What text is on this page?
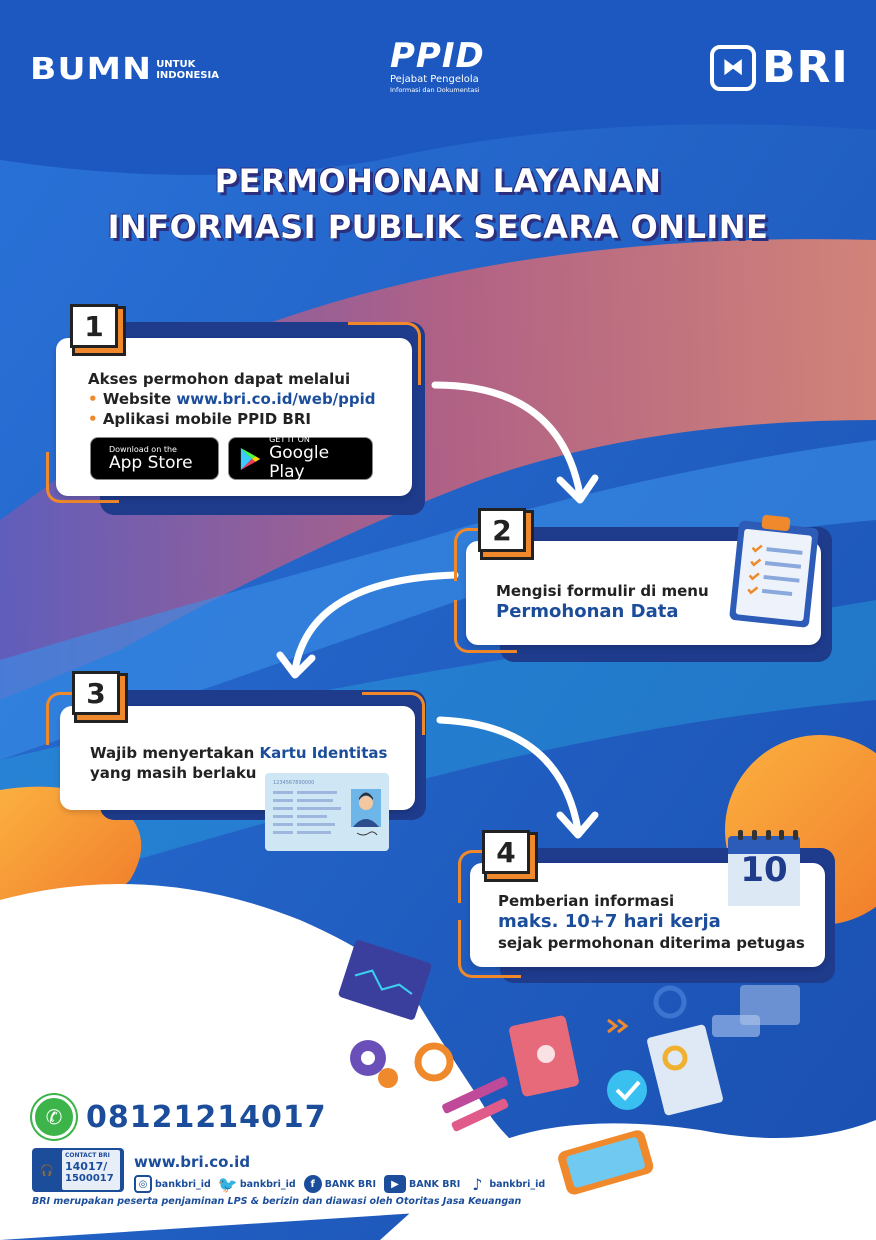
BUMN UNTUK
INDONESIA	PPID
Pejabat Pengelola
Informasi dan Dokumentasi
⧓ BRI
PERMOHONAN LAYANAN
INFORMASI PUBLIK SECARA ONLINE
Akses permohon dapat melalui
• Website www.bri.co.id/web/ppid
• Aplikasi mobile PPID BRI
Download on the
App Store
GET IT ON
Google Play
1
Mengisi formulir di menu
Permohonan Data
2
Wajib menyertakan Kartu Identitas
yang masih berlaku
1234567890000
3
Pemberian informasi
maks. 10+7 hari kerja
sejak permohonan diterima petugas
10
4
✆ 08121214017
🎧
CONTACT BRI
14017/
1500017
www.bri.co.id
◎ bankbri_id 🐦 bankbri_id	f	BANK BRI	▶	BANK BRI ♪ bankbri_id
BRI merupakan peserta penjaminan LPS & berizin dan diawasi oleh Otoritas Jasa Keuangan
